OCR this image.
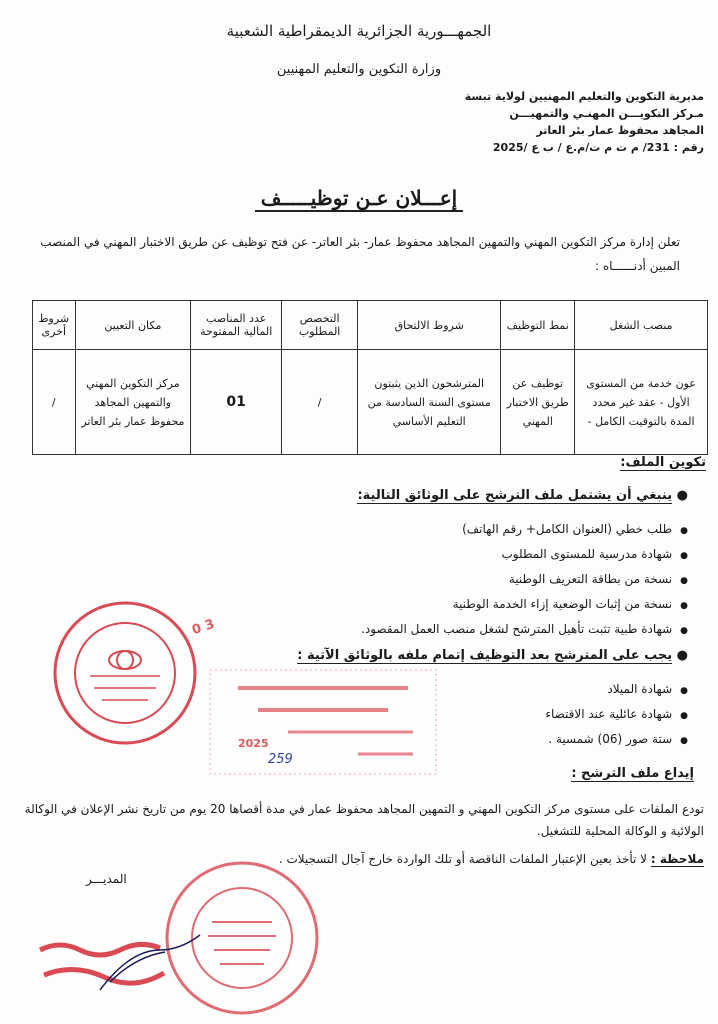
الجمهـــورية الجزائرية الديمقراطية الشعبية
وزارة التكوين والتعليم المهنيين
مديرية التكوين والتعليم المهنيين لولاية تبسة
مـركز التكويـــن المهنـي والتمهيـــن
المجاهد محفوظ عمار بئر العاتر
رقم : 231/ م ت م ت/م.ع / ب ع /2025
إعـــلان عـن توظيـــــف
تعلن إدارة مركز التكوين المهني والتمهين المجاهد محفوظ عمار- بئر العاتر- عن فتح توظيف عن طريق الاختبار المهني في المنصب المبين أدنــــــاه :
منصب الشغل	نمط التوظيف	شروط الالتحاق	التخصص المطلوب	عدد المناصب المالية المفتوحة	مكان التعيين	شروط أخرى
عون خدمة من المستوى الأول - عقد غير محدد المدة بالتوقيت الكامل -	توظيف عن طريق الاختبار المهني	المترشحون الذين يثبتون مستوى السنة السادسة من التعليم الأساسي	/	01	مركز التكوين المهني والتمهين المجاهد محفوظ عمار بئر العاتر	/
تكوين الملف:
● ينبغي أن يشتمل ملف الترشح على الوثائق التالية:
●طلب خطي (العنوان الكامل+ رقم الهاتف)
●شهادة مدرسية للمستوى المطلوب
●نسخة من بطاقة التعريف الوطنية
●نسخة من إثبات الوضعية إزاء الخدمة الوطنية
●شهادة طبية تثبت تأهيل المترشح لشغل منصب العمل المقصود.
● يجب على المترشح بعد التوظيف إتمام ملفه بالوثائق الآتية :
●شهادة الميلاد
●شهادة عائلية عند الاقتضاء
●ستة صور (06) شمسية .
إيداع ملف الترشح :
تودع الملفات على مستوى مركز التكوين المهني و التمهين المجاهد محفوظ عمار في مدة أقصاها 20 يوم من تاريخ نشر الإعلان في الوكالة الولائية و الوكالة المحلية للتشغيل.
ملاحظة : لا تأخذ بعين الإعتبار الملفات الناقصة أو تلك الواردة خارج آجال التسجيلات .
المديـــر
3 0
2025
259
